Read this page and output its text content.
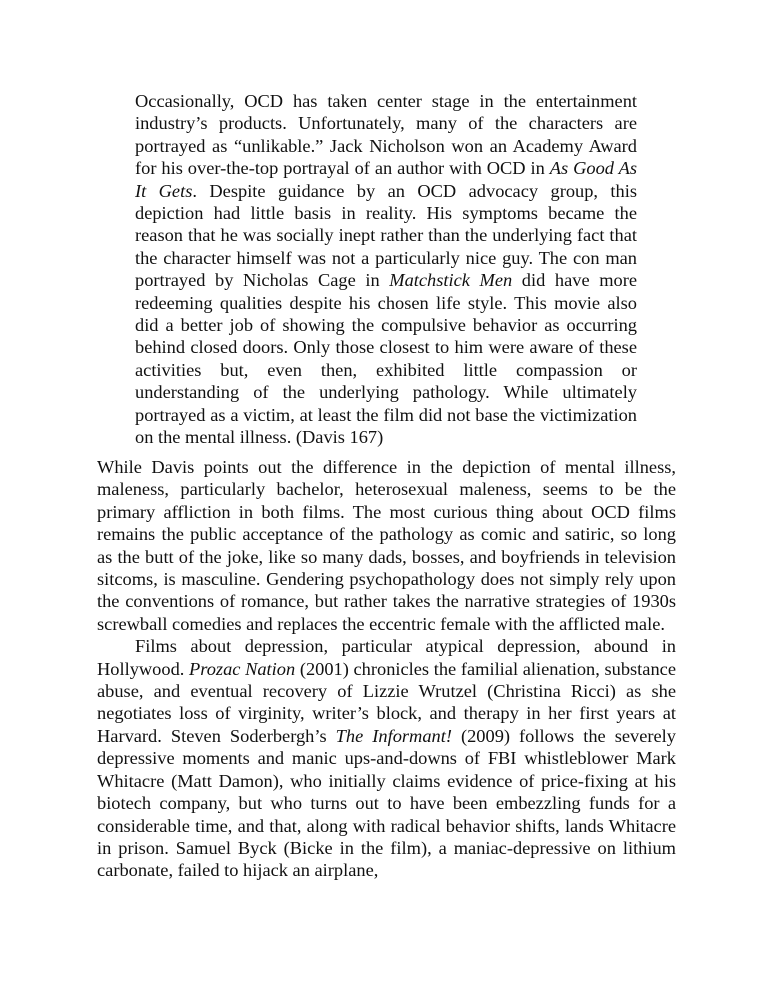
Occasionally, OCD has taken center stage in the entertainment industry’s products. Unfortunately, many of the characters are portrayed as “unlikable.” Jack Nicholson won an Academy Award for his over-the-top portrayal of an author with OCD in As Good As It Gets. Despite guidance by an OCD advocacy group, this depiction had little basis in reality. His symptoms became the reason that he was socially inept rather than the underlying fact that the character himself was not a particularly nice guy. The con man portrayed by Nicholas Cage in Matchstick Men did have more redeeming qualities despite his chosen life style. This movie also did a better job of showing the compulsive behavior as occurring behind closed doors. Only those closest to him were aware of these activities but, even then, exhibited little compassion or understanding of the underlying pathology. While ultimately portrayed as a victim, at least the film did not base the victimization on the mental illness. (Davis 167)

While Davis points out the difference in the depiction of mental illness, maleness, particularly bachelor, heterosexual maleness, seems to be the primary affliction in both films. The most curious thing about OCD films remains the public acceptance of the pathology as comic and satiric, so long as the butt of the joke, like so many dads, bosses, and boyfriends in television sitcoms, is masculine. Gendering psychopathology does not simply rely upon the conventions of romance, but rather takes the narrative strategies of 1930s screwball comedies and replaces the eccentric female with the afflicted male.

Films about depression, particular atypical depression, abound in Hollywood. Prozac Nation (2001) chronicles the familial alienation, substance abuse, and eventual recovery of Lizzie Wrutzel (Christina Ricci) as she negotiates loss of virginity, writer’s block, and therapy in her first years at Harvard. Steven Soderbergh’s The Informant! (2009) follows the severely depressive moments and manic ups-and-downs of FBI whistleblower Mark Whitacre (Matt Damon), who initially claims evidence of price-fixing at his biotech company, but who turns out to have been embezzling funds for a considerable time, and that, along with radical behavior shifts, lands Whitacre in prison. Samuel Byck (Bicke in the film), a maniac-depressive on lithium carbonate, failed to hijack an airplane,
